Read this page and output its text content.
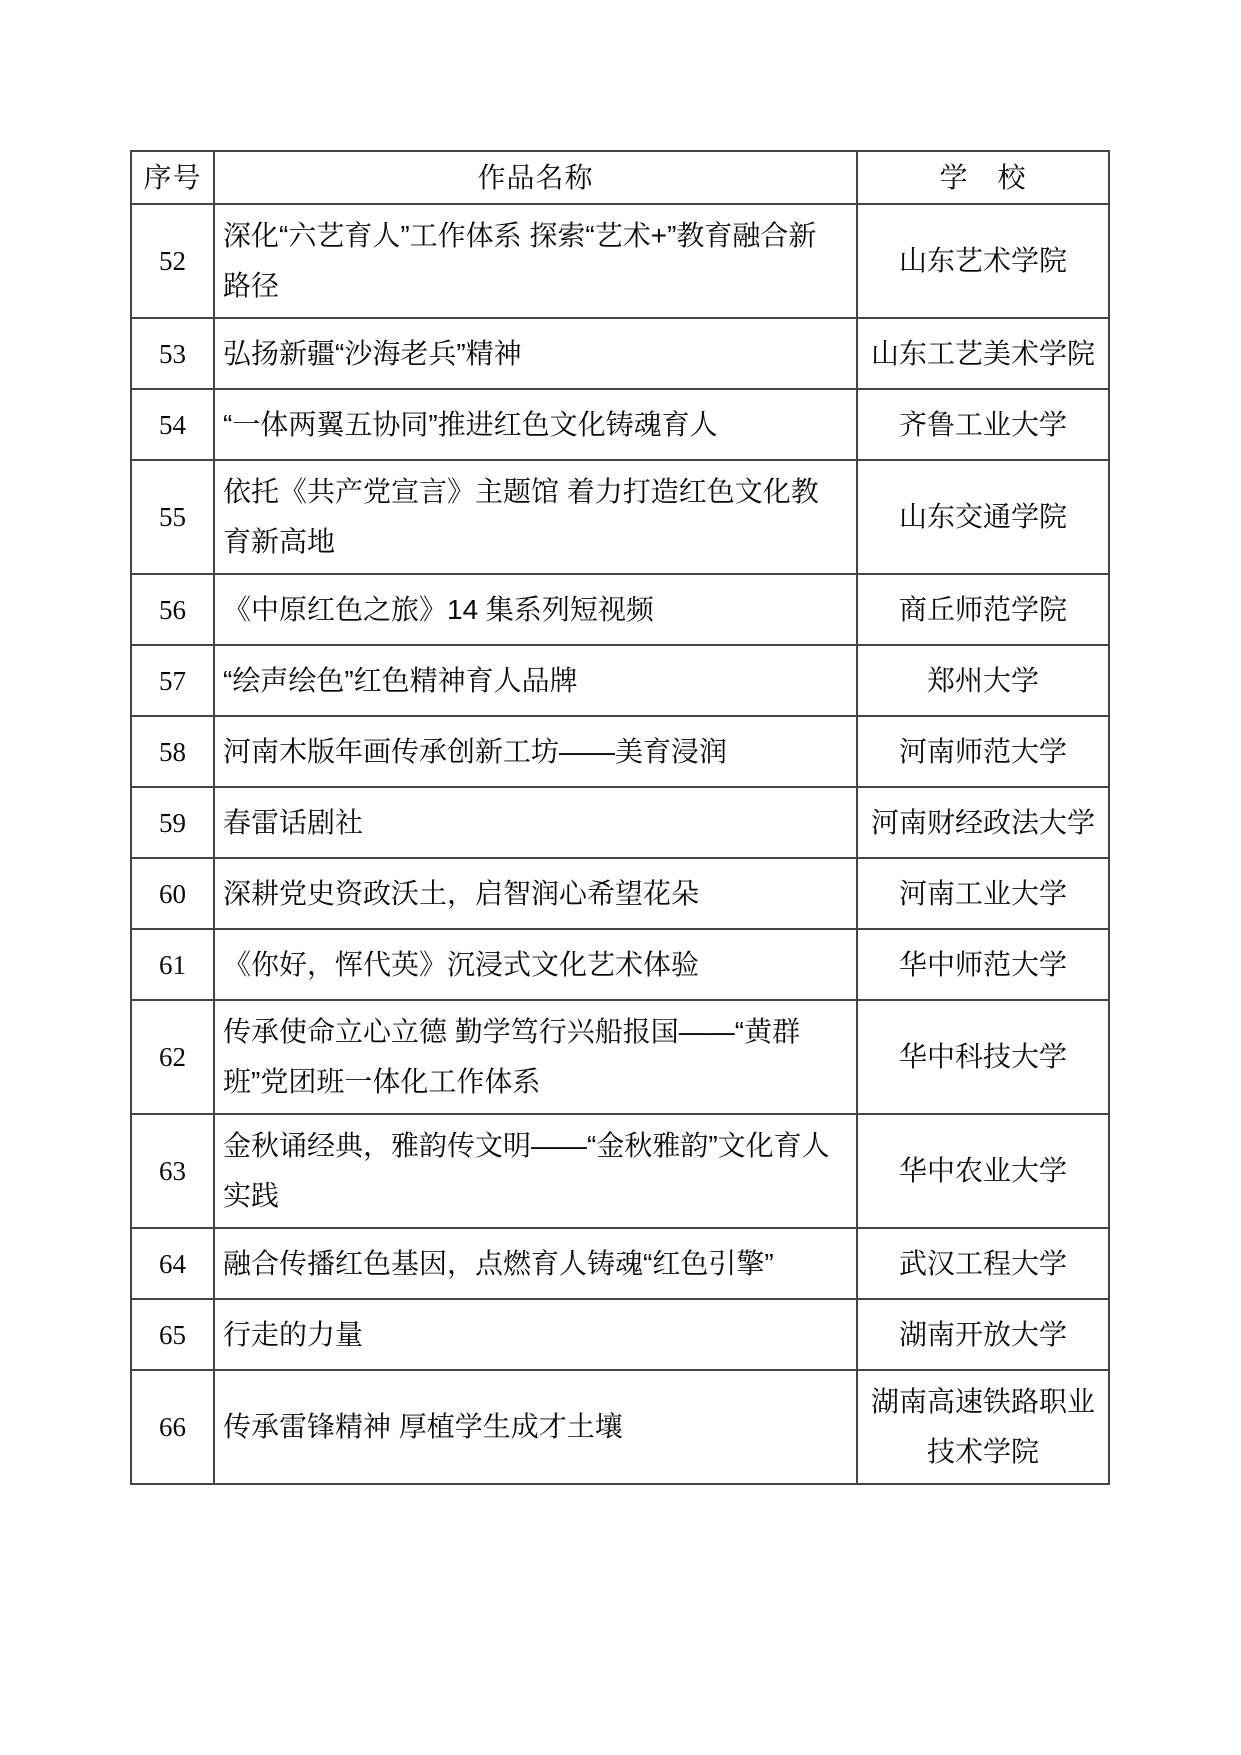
序号	作品名称	学　校
52	深化“六艺育人”工作体系 探索“艺术+”教育融合新路径	山东艺术学院
53	弘扬新疆“沙海老兵”精神	山东工艺美术学院
54	“一体两翼五协同”推进红色文化铸魂育人	齐鲁工业大学
55	依托《共产党宣言》主题馆 着力打造红色文化教育新高地	山东交通学院
56	《中原红色之旅》14 集系列短视频	商丘师范学院
57	“绘声绘色”红色精神育人品牌	郑州大学
58	河南木版年画传承创新工坊——美育浸润	河南师范大学
59	春雷话剧社	河南财经政法大学
60	深耕党史资政沃土，启智润心希望花朵	河南工业大学
61	《你好，恽代英》沉浸式文化艺术体验	华中师范大学
62	传承使命立心立德 勤学笃行兴船报国——“黄群班”党团班一体化工作体系	华中科技大学
63	金秋诵经典，雅韵传文明——“金秋雅韵”文化育人实践	华中农业大学
64	融合传播红色基因，点燃育人铸魂“红色引擎”	武汉工程大学
65	行走的力量	湖南开放大学
66	传承雷锋精神 厚植学生成才土壤	湖南高速铁路职业技术学院
